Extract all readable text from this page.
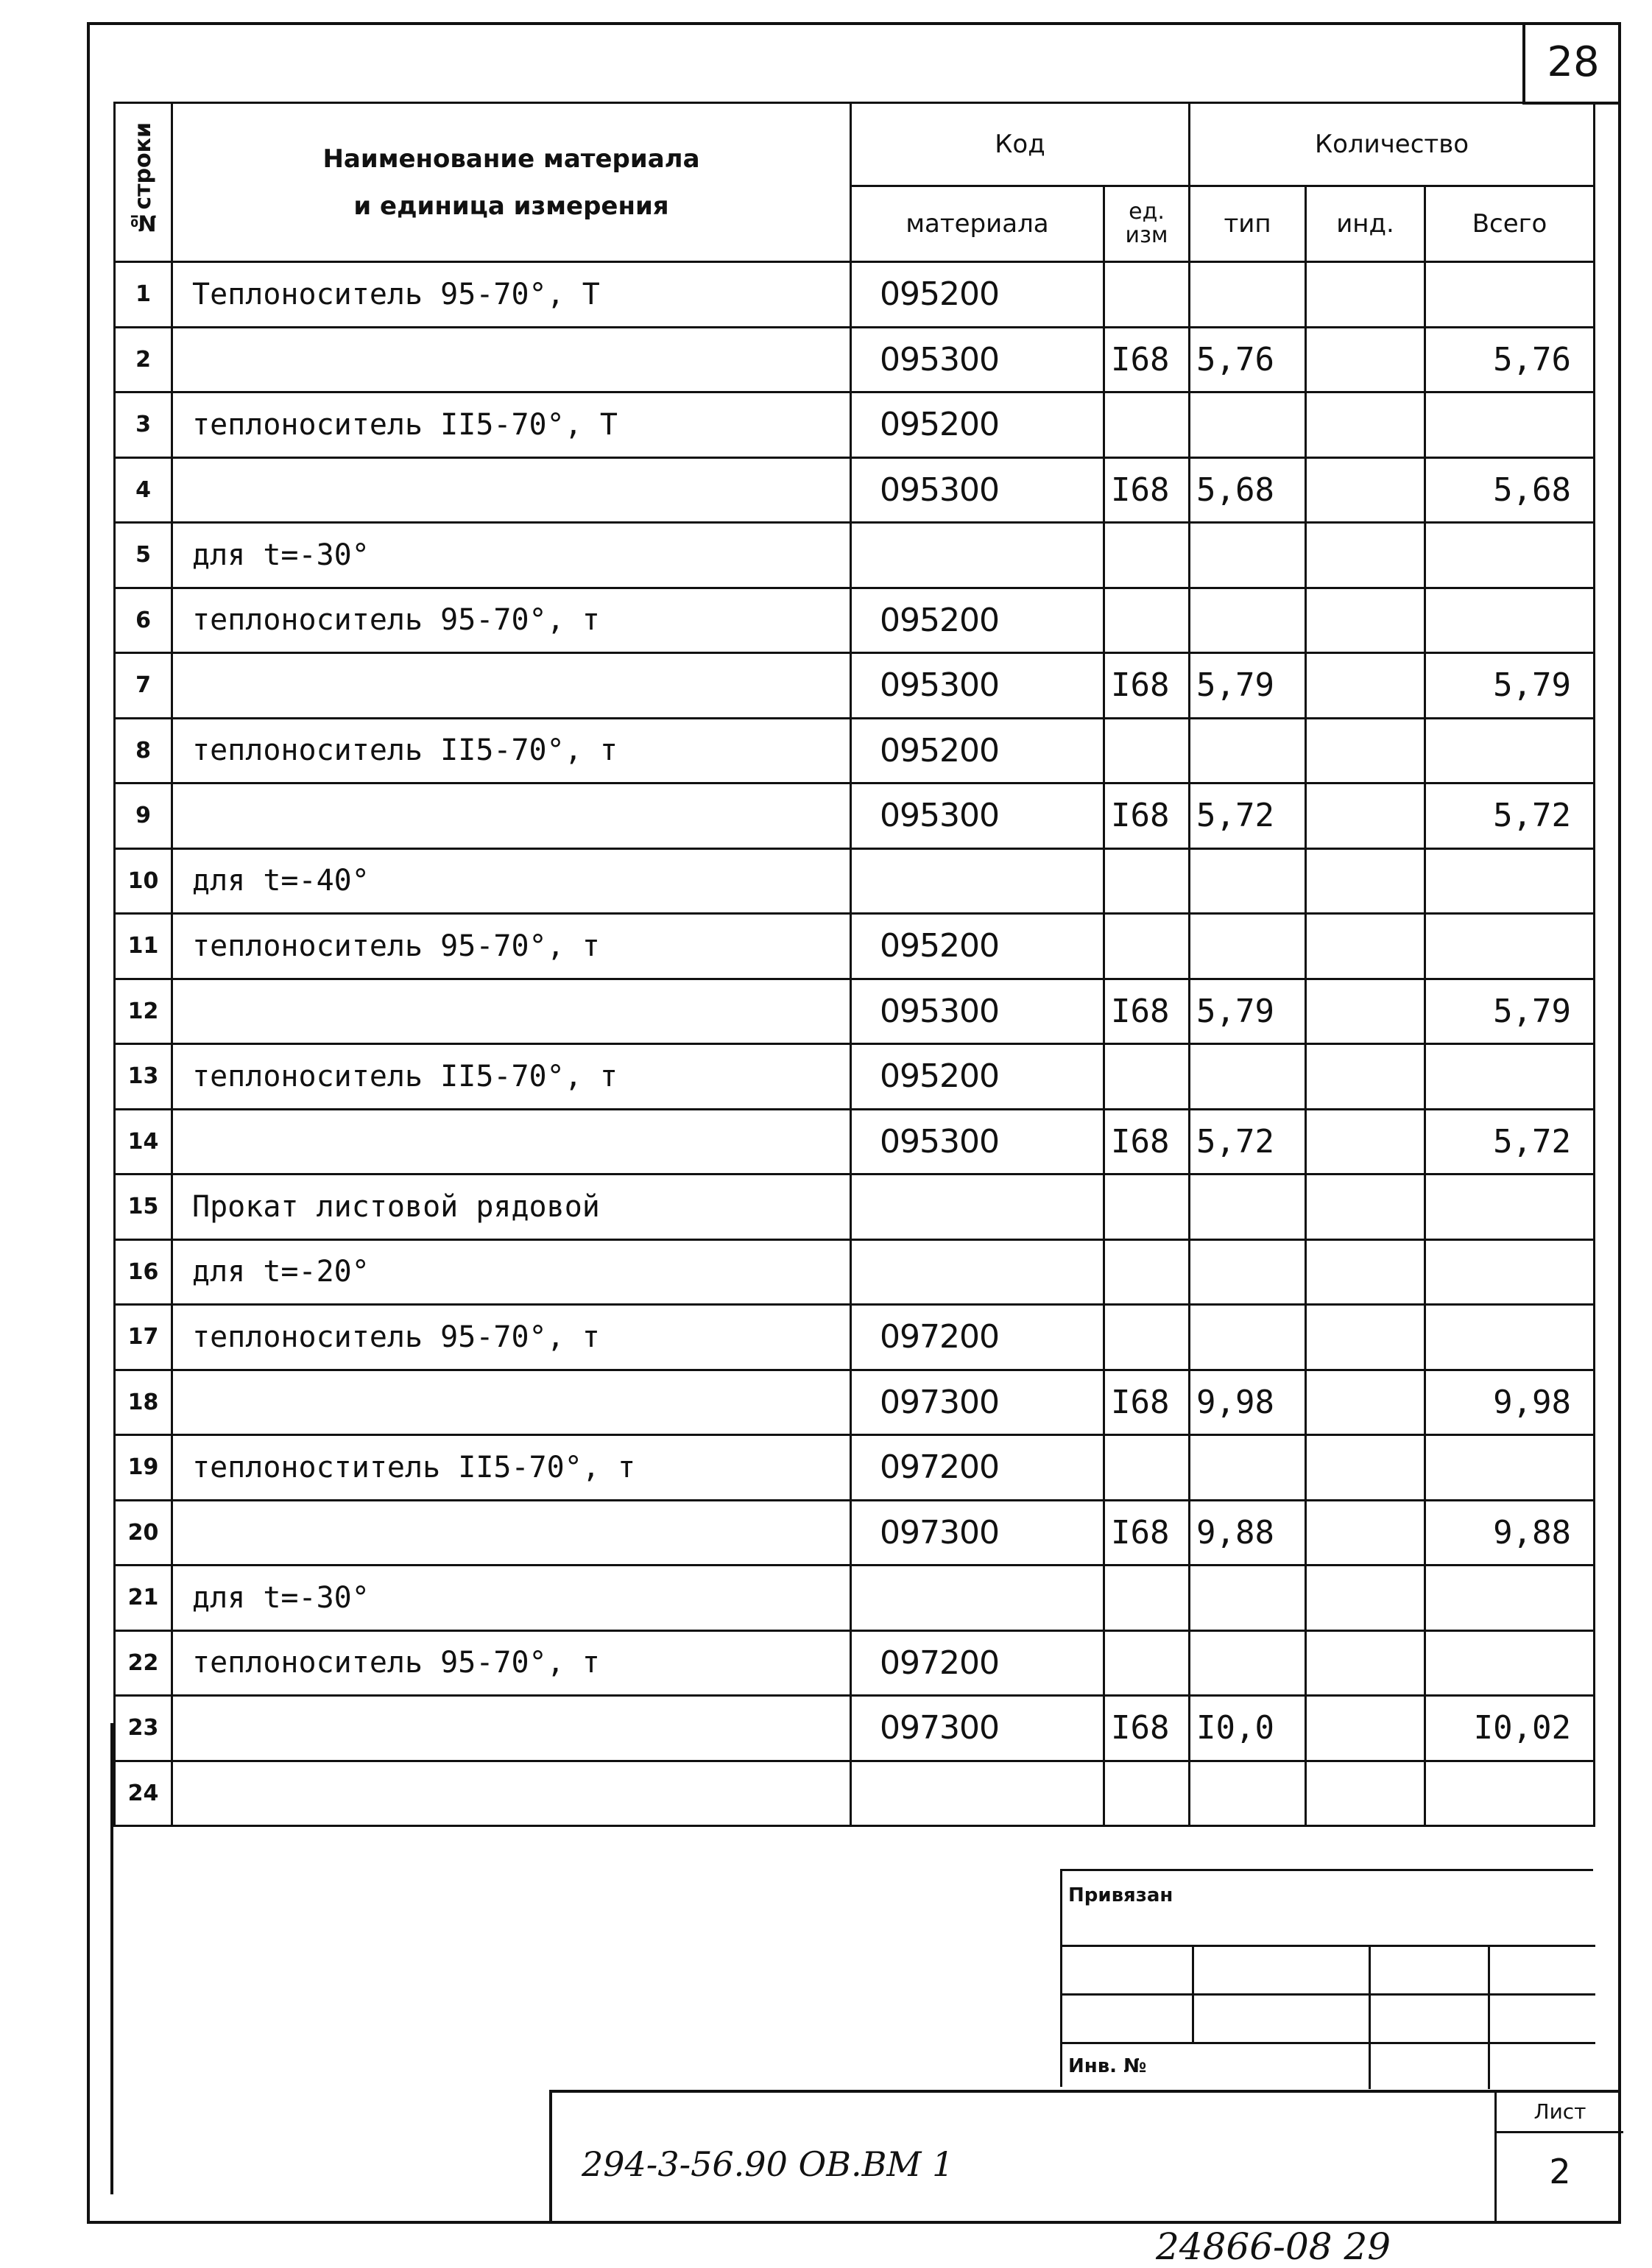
28
№строки	Наименование материала
и единица измерения	Код		Количество		
		материала	ед. изм	тип	инд.	Всего
1	Теплоноситель 95-70°, Т	095200				
2		095300	I68	5,76		5,76
3	теплоноситель II5-70°, Т	095200				
4		095300	I68	5,68		5,68
5	для t=-30°					
6	теплоноситель 95-70°, т	095200				
7		095300	I68	5,79		5,79
8	теплоноситель II5-70°, т	095200				
9		095300	I68	5,72		5,72
10	для t=-40°					
11	теплоноситель 95-70°, т	095200				
12		095300	I68	5,79		5,79
13	теплоноситель II5-70°, т	095200				
14		095300	I68	5,72		5,72
15	Прокат листовой рядовой					
16	для t=-20°					
17	теплоноситель 95-70°, т	097200				
18		097300	I68	9,98		9,98
19	теплоноститель II5-70°, т	097200				
20		097300	I68	9,88		9,88
21	для t=-30°					
22	теплоноситель 95-70°, т	097200				
23		097300	I68	I0,0		I0,02
24						
Привязан
Инв. №
294-3-56.90 ОВ.ВМ 1
Лист
2
24866-08 29
